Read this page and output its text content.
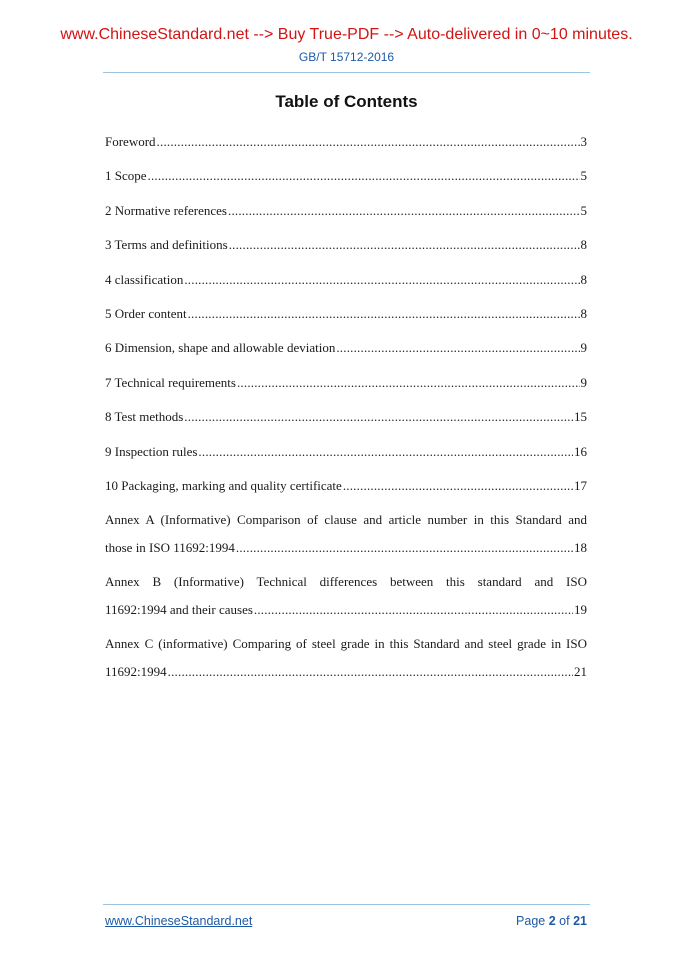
www.ChineseStandard.net --> Buy True-PDF --> Auto-delivered in 0~10 minutes.
GB/T 15712-2016
Table of Contents
Foreword .....	3
1 Scope .....	5
2 Normative references .....	5
3 Terms and definitions .....	8
4 classification .....	8
5 Order content .....	8
6 Dimension, shape and allowable deviation .....	9
7 Technical requirements .....	9
8 Test methods .....	15
9 Inspection rules .....	16
10 Packaging, marking and quality certificate .....	17
Annex A (Informative) Comparison of clause and article number in this Standard and
those in ISO 11692:1994 .....	18
Annex B (Informative) Technical differences between this standard and ISO
11692:1994 and their causes .....	19
Annex C (informative) Comparing of steel grade in this Standard and steel grade in ISO
11692:1994 .....	21
www.ChineseStandard.net	Page 2 of 21
